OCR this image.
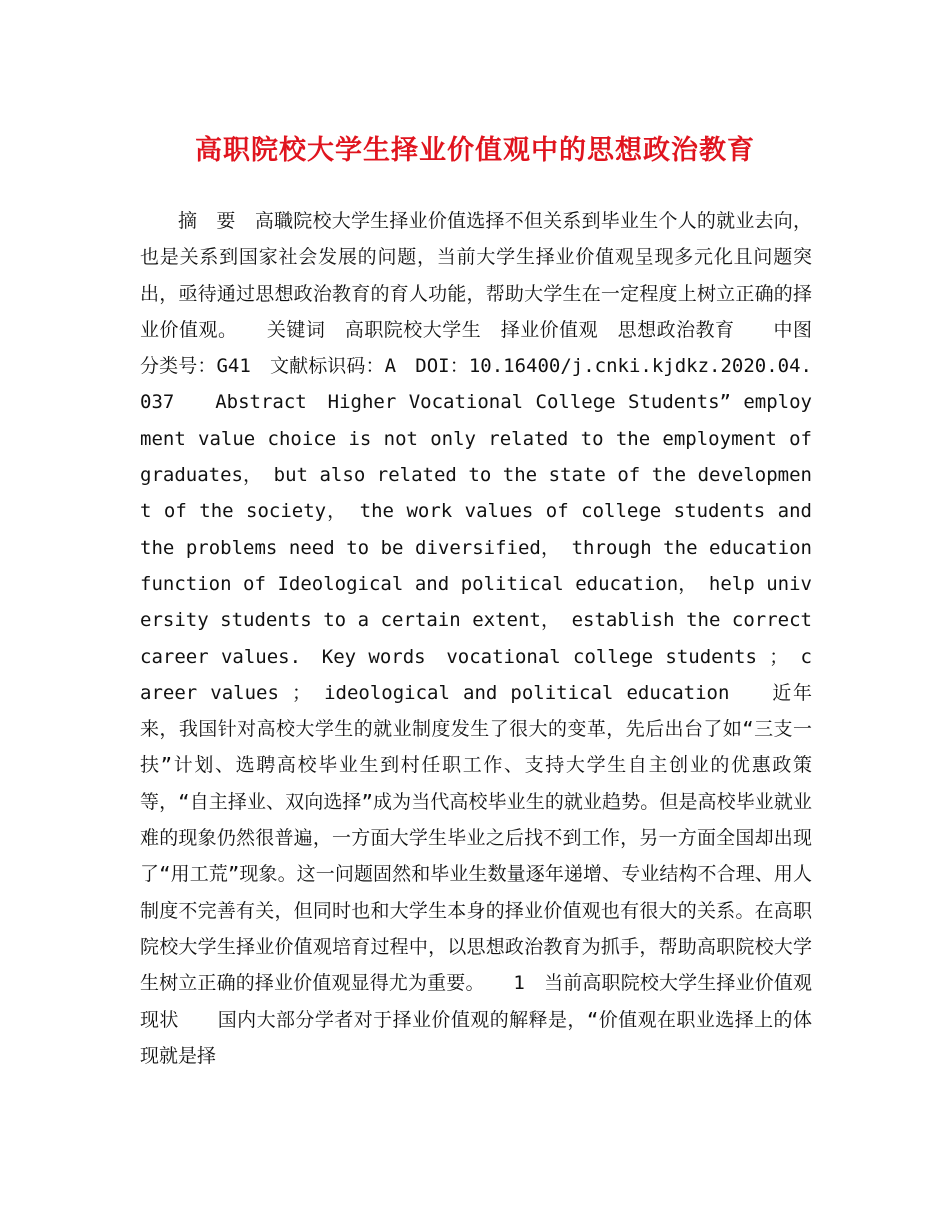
高职院校大学生择业价值观中的思想政治教育

摘　要　高職院校大学生择业价值选择不但关系到毕业生个人的就业去向，也是关系到国家社会发展的问题，当前大学生择业价值观呈现多元化且问题突出，亟待通过思想政治教育的育人功能，帮助大学生在一定程度上树立正确的择业价值观。　　关键词　高职院校大学生　择业价值观　思想政治教育　　中图分类号：G41　文献标识码：A　DOI：10.16400/j.cnki.kjdkz.2020.04.037　　Abstract　Higher Vocational College Students” employment value choice is not only related to the employment of graduates， but also related to the state of the development of the society， the work values of college students and the problems need to be diversified， through the education function of Ideological and political education， help university students to a certain extent， establish the correct career values.　Key words　vocational college students ； career values ； ideological and political education　　近年来，我国针对高校大学生的就业制度发生了很大的变革，先后出台了如“三支一扶”计划、选聘高校毕业生到村任职工作、支持大学生自主创业的优惠政策等，“自主择业、双向选择”成为当代高校毕业生的就业趋势。但是高校毕业就业难的现象仍然很普遍，一方面大学生毕业之后找不到工作，另一方面全国却出现了“用工荒”现象。这一问题固然和毕业生数量逐年递增、专业结构不合理、用人制度不完善有关，但同时也和大学生本身的择业价值观也有很大的关系。在高职院校大学生择业价值观培育过程中，以思想政治教育为抓手，帮助高职院校大学生树立正确的择业价值观显得尤为重要。　　1　当前高职院校大学生择业价值观现状　　国内大部分学者对于择业价值观的解释是，“价值观在职业选择上的体现就是择
